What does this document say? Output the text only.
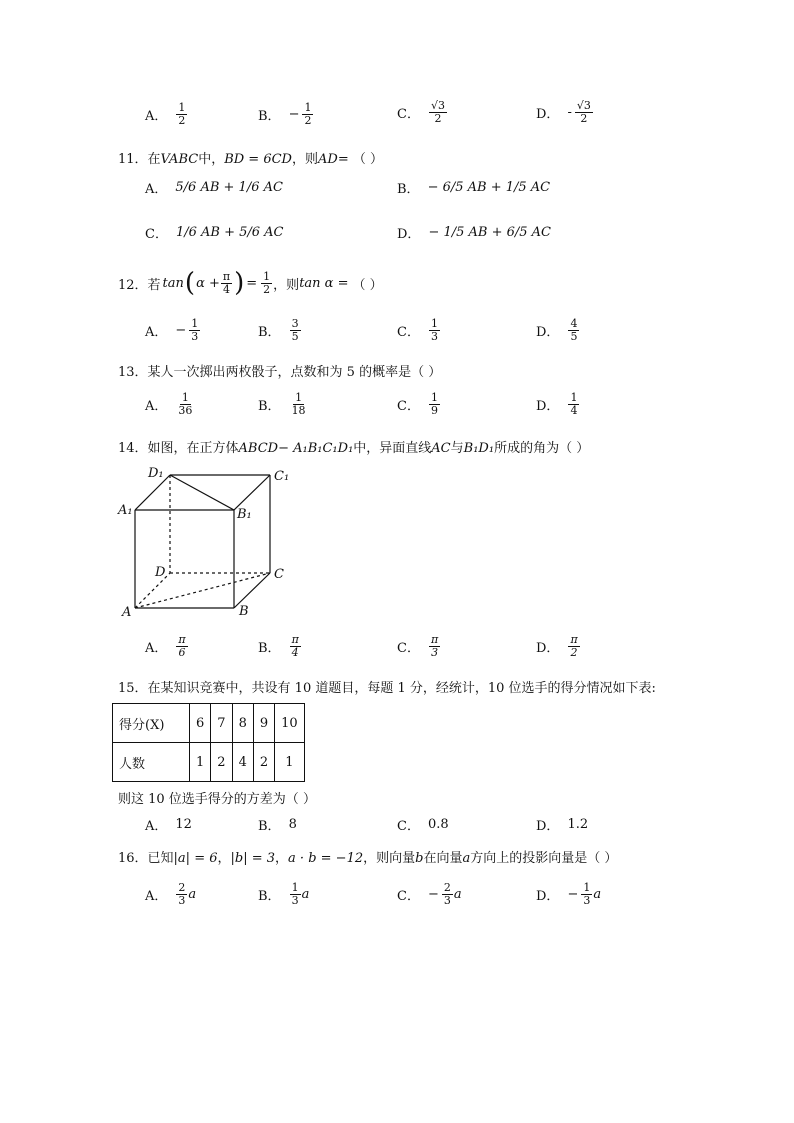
A． $\frac{1}{2}$	B． − $\frac{1}{2}$	C． $\frac{√3}{2}$	D． - $\frac{√3}{2}$
11．在VABC中，BD = 6CD，则AD= （ ）
A． 5/6 AB + 1/6 AC	B． − 6/5 AB + 1/5 AC
C． 1/6 AB + 5/6 AC	D． − 1/5 AB + 6/5 AC
12．若 tan ( $\alpha + \frac{\pi}{4}$ ) = $\frac{1}{2}$ ，则 tan α = （ ）
A． − $\frac{1}{3}$	B． $\frac{3}{5}$	C． $\frac{1}{3}$	D． $\frac{4}{5}$
13．某人一次掷出两枚骰子，点数和为 5 的概率是（ ）
A． $\frac{1}{36}$	B． $\frac{1}{18}$	C． $\frac{1}{9}$	D． $\frac{1}{4}$
14．如图，在正方体ABCD− A₁B₁C₁D₁中，异面直线AC与B₁D₁所成的角为（ ）
D₁	C₁
A₁	B₁
D	C
A	B
A． $\frac{\pi}{6}$	B． $\frac{\pi}{4}$	C． $\frac{\pi}{3}$	D． $\frac{\pi}{2}$
15．在某知识竞赛中，共设有 10 道题目，每题 1 分，经统计，10 位选手的得分情况如下表:
得分(X)	6	7	8	9	10
人数	1	2	4	2	1
则这 10 位选手得分的方差为（ ）
A． 12	B． 8	C． 0.8	D． 1.2
16．已知|a| = 6，|b| = 3，a · b = −12，则向量b在向量a方向上的投影向量是（ ）
A． $\frac{2}{3}$ a	B． $\frac{1}{3}$ a	C． − $\frac{2}{3}$ a	D． − $\frac{1}{3}$ a
